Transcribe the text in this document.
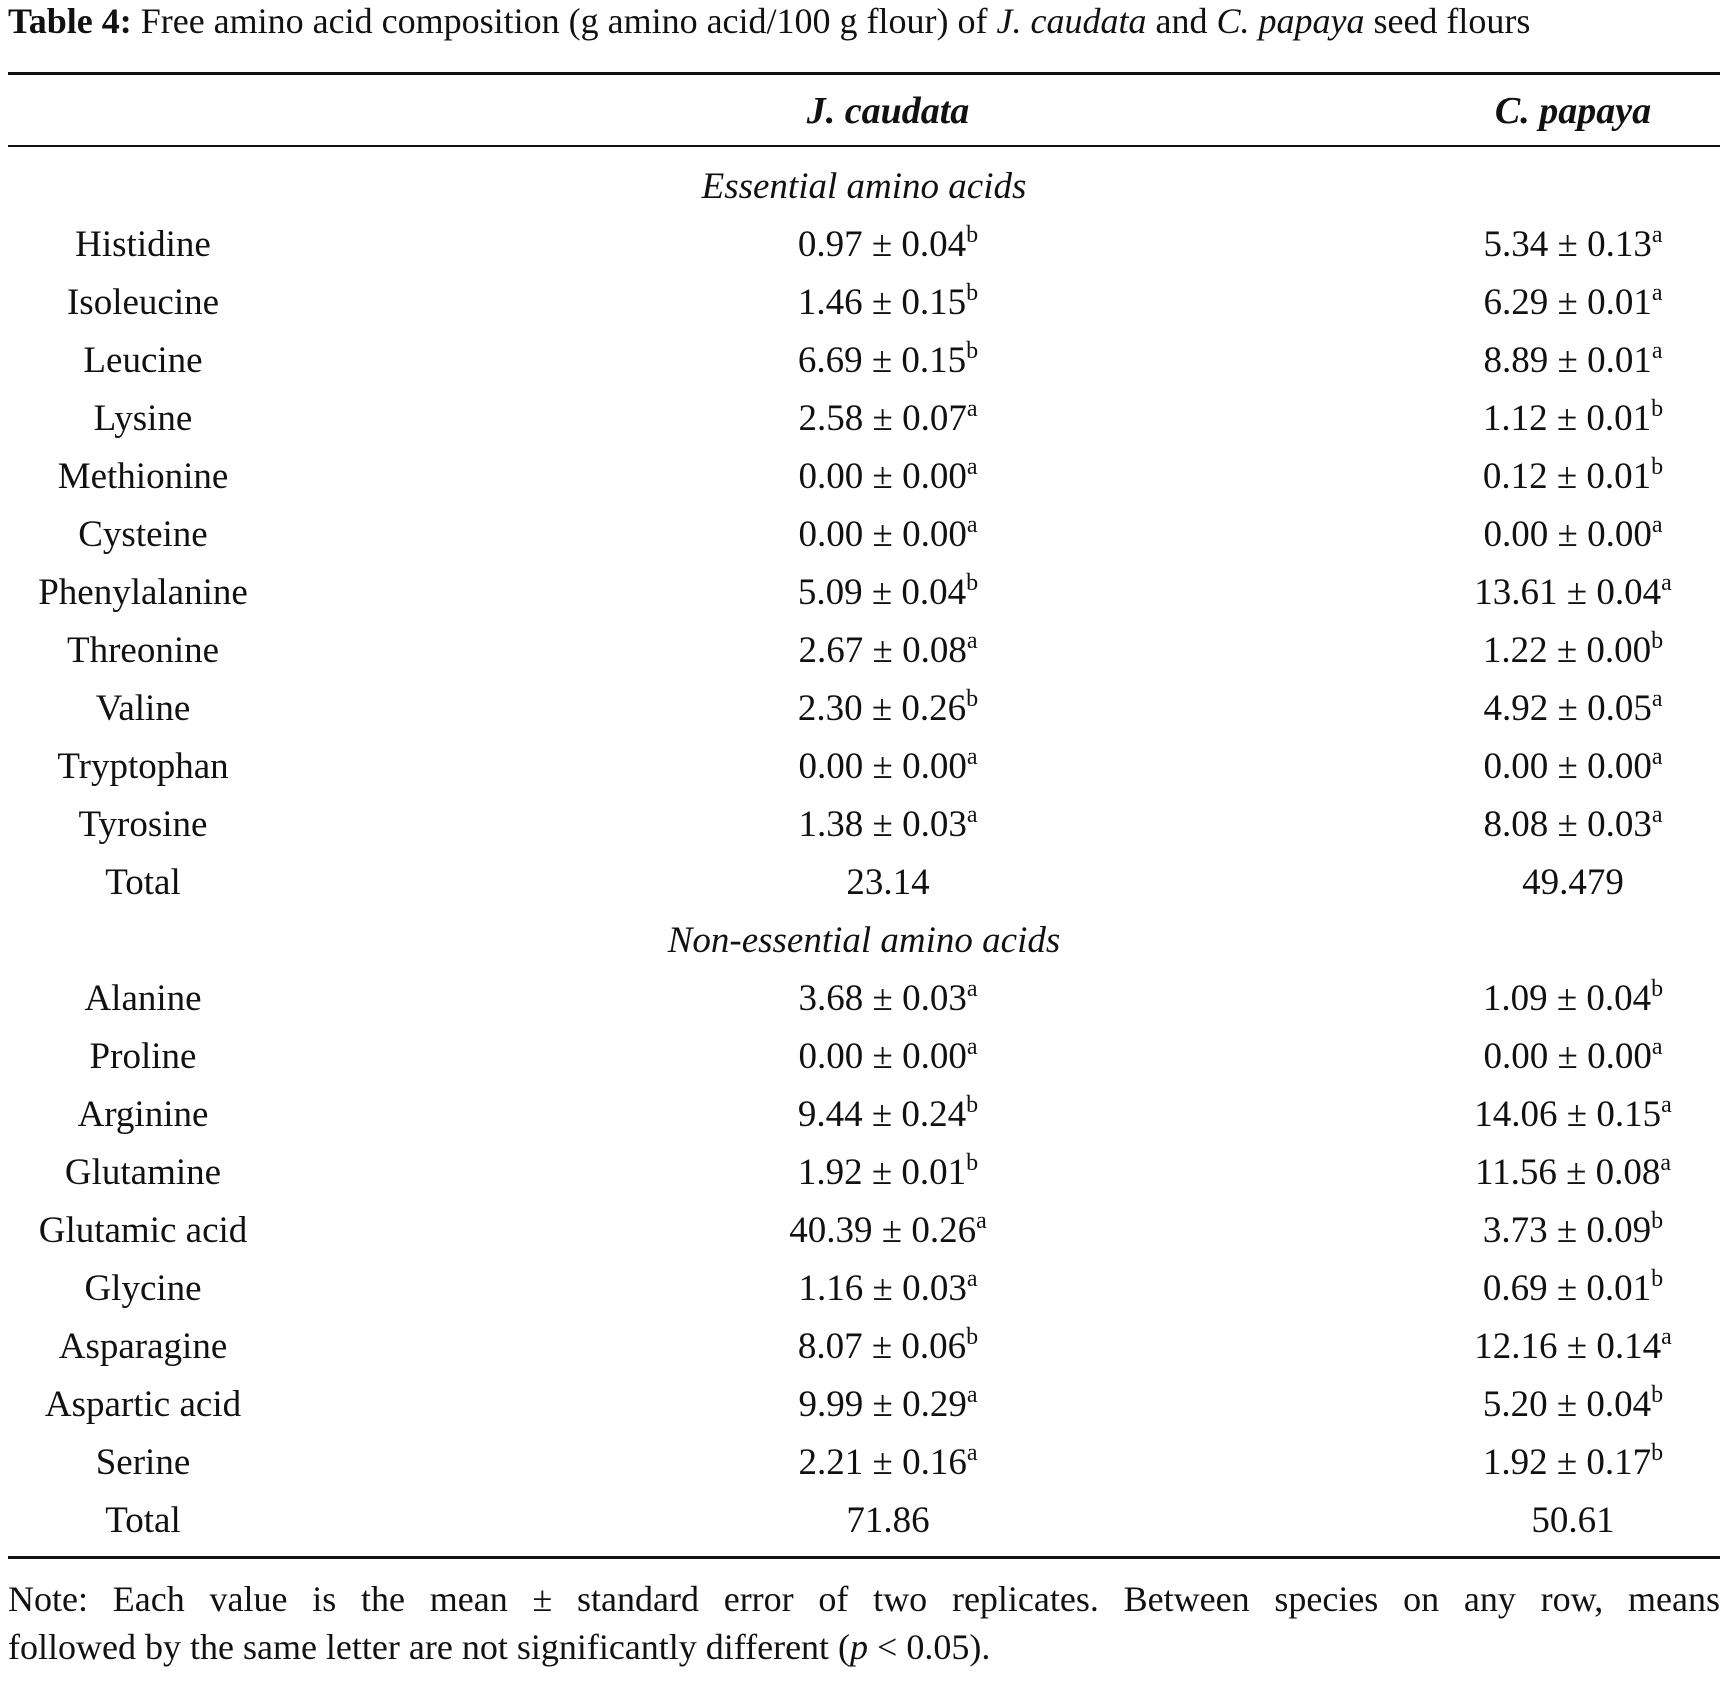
Table 4: Free amino acid composition (g amino acid/100 g flour) of J. caudata and C. papaya seed flours
J. caudata	C. papaya
Essential amino acids
Histidine	0.97 ± 0.04$^b$	5.34 ± 0.13$^a$
Isoleucine	1.46 ± 0.15$^b$	6.29 ± 0.01$^a$
Leucine	6.69 ± 0.15$^b$	8.89 ± 0.01$^a$
Lysine	2.58 ± 0.07$^a$	1.12 ± 0.01$^b$
Methionine	0.00 ± 0.00$^a$	0.12 ± 0.01$^b$
Cysteine	0.00 ± 0.00$^a$	0.00 ± 0.00$^a$
Phenylalanine	5.09 ± 0.04$^b$	13.61 ± 0.04$^a$
Threonine	2.67 ± 0.08$^a$	1.22 ± 0.00$^b$
Valine	2.30 ± 0.26$^b$	4.92 ± 0.05$^a$
Tryptophan	0.00 ± 0.00$^a$	0.00 ± 0.00$^a$
Tyrosine	1.38 ± 0.03$^a$	8.08 ± 0.03$^a$
Total	23.14	49.479
Non-essential amino acids
Alanine	3.68 ± 0.03$^a$	1.09 ± 0.04$^b$
Proline	0.00 ± 0.00$^a$	0.00 ± 0.00$^a$
Arginine	9.44 ± 0.24$^b$	14.06 ± 0.15$^a$
Glutamine	1.92 ± 0.01$^b$	11.56 ± 0.08$^a$
Glutamic acid	40.39 ± 0.26$^a$	3.73 ± 0.09$^b$
Glycine	1.16 ± 0.03$^a$	0.69 ± 0.01$^b$
Asparagine	8.07 ± 0.06$^b$	12.16 ± 0.14$^a$
Aspartic acid	9.99 ± 0.29$^a$	5.20 ± 0.04$^b$
Serine	2.21 ± 0.16$^a$	1.92 ± 0.17$^b$
Total	71.86	50.61
Note: Each value is the mean ± standard error of two replicates. Between species on any row, means
followed by the same letter are not significantly different (p < 0.05).
